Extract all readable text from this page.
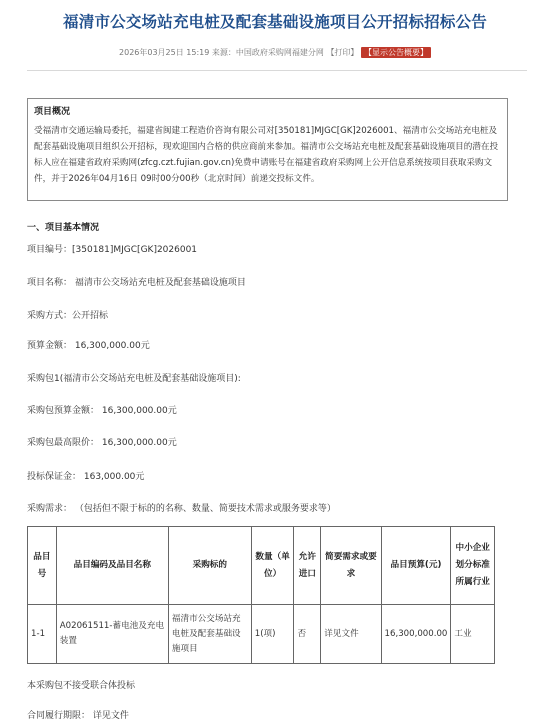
福清市公交场站充电桩及配套基础设施项目公开招标招标公告
2026年03月25日 15:19 来源：中国政府采购网福建分网 【打印】 【显示公告概要】
项目概况
受福清市交通运输局委托，福建省闽建工程造价咨询有限公司对[350181]MJGC[GK]2026001、福清市公交场站充电桩及配套基础设施项目组织公开招标，现欢迎国内合格的供应商前来参加。福清市公交场站充电桩及配套基础设施项目的潜在投标人应在福建省政府采购网(zfcg.czt.fujian.gov.cn)免费申请账号在福建省政府采购网上公开信息系统按项目获取采购文件，并于2026年04月16日 09时00分00秒（北京时间）前递交投标文件。
一、项目基本情况
项目编号：[350181]MJGC[GK]2026001
项目名称： 福清市公交场站充电桩及配套基础设施项目
采购方式：公开招标
预算金额： 16,300,000.00元
采购包1(福清市公交场站充电桩及配套基础设施项目):
采购包预算金额： 16,300,000.00元
采购包最高限价： 16,300,000.00元
投标保证金： 163,000.00元
采购需求： （包括但不限于标的的名称、数量、简要技术需求或服务要求等）
品目号	品目编码及品目名称	采购标的	数量（单位）	允许进口	简要需求或要求	品目预算(元)	中小企业划分标准所属行业
1-1	A02061511-蓄电池及充电装置	福清市公交场站充电桩及配套基础设施项目	1(项)	否	详见文件	16,300,000.00	工业
本采购包不接受联合体投标
合同履行期限： 详见文件
